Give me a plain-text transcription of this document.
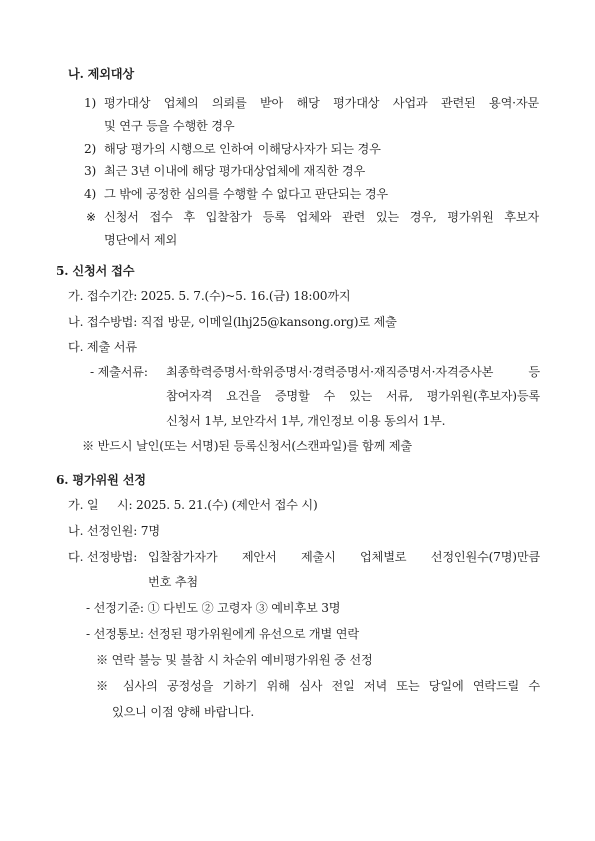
나. 제외대상
1) 평가대상 업체의 의뢰를 받아 해당 평가대상 사업과 관련된 용역·자문
및 연구 등을 수행한 경우
2) 해당 평가의 시행으로 인하여 이해당사자가 되는 경우
3) 최근 3년 이내에 해당 평가대상업체에 재직한 경우
4) 그 밖에 공정한 심의를 수행할 수 없다고 판단되는 경우
※ 신청서 접수 후 입찰참가 등록 업체와 관련 있는 경우, 평가위원 후보자
명단에서 제외
5. 신청서 접수
가. 접수기간: 2025. 5. 7.(수)~5. 16.(금) 18:00까지
나. 접수방법: 직접 방문, 이메일(lhj25@kansong.org)로 제출
다. 제출 서류
- 제출서류: 최종학력증명서·학위증명서·경력증명서·재직증명서·자격증사본 등
참여자격 요건을 증명할 수 있는 서류, 평가위원(후보자)등록
신청서 1부, 보안각서 1부, 개인정보 이용 동의서 1부.
※ 반드시 날인(또는 서명)된 등록신청서(스캔파일)를 함께 제출
6. 평가위원 선정
가. 일     시: 2025. 5. 21.(수) (제안서 접수 시)
나. 선정인원: 7명
다. 선정방법: 입찰참가자가 제안서 제출시 업체별로 선정인원수(7명)만큼
번호 추첨
- 선정기준: ① 다빈도 ② 고령자 ③ 예비후보 3명
- 선정통보: 선정된 평가위원에게 유선으로 개별 연락
※ 연락 불능 및 불참 시 차순위 예비평가위원 중 선정
※ 심사의 공정성을 기하기 위해 심사 전일 저녁 또는 당일에 연락드릴 수
있으니 이점 양해 바랍니다.
